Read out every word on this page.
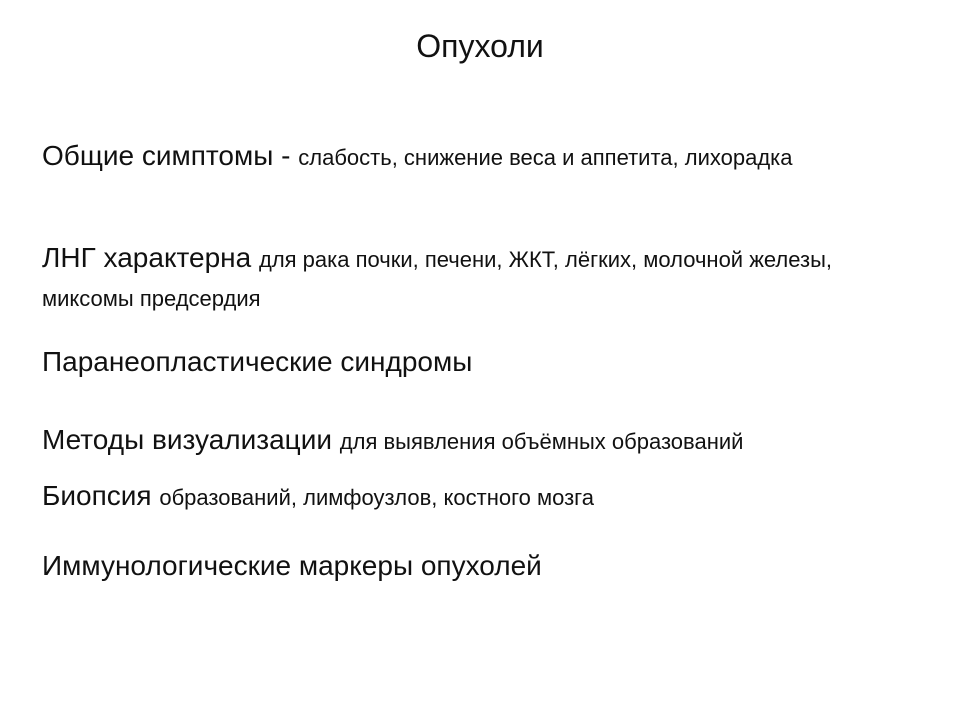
Опухоли

Общие симптомы - слабость, снижение веса и аппетита, лихорадка

ЛНГ характерна для рака почки, печени, ЖКТ, лёгких, молочной железы, миксомы предсердия

Паранеопластические синдромы

Методы визуализации для выявления объёмных образований

Биопсия образований, лимфоузлов, костного мозга

Иммунологические маркеры опухолей
